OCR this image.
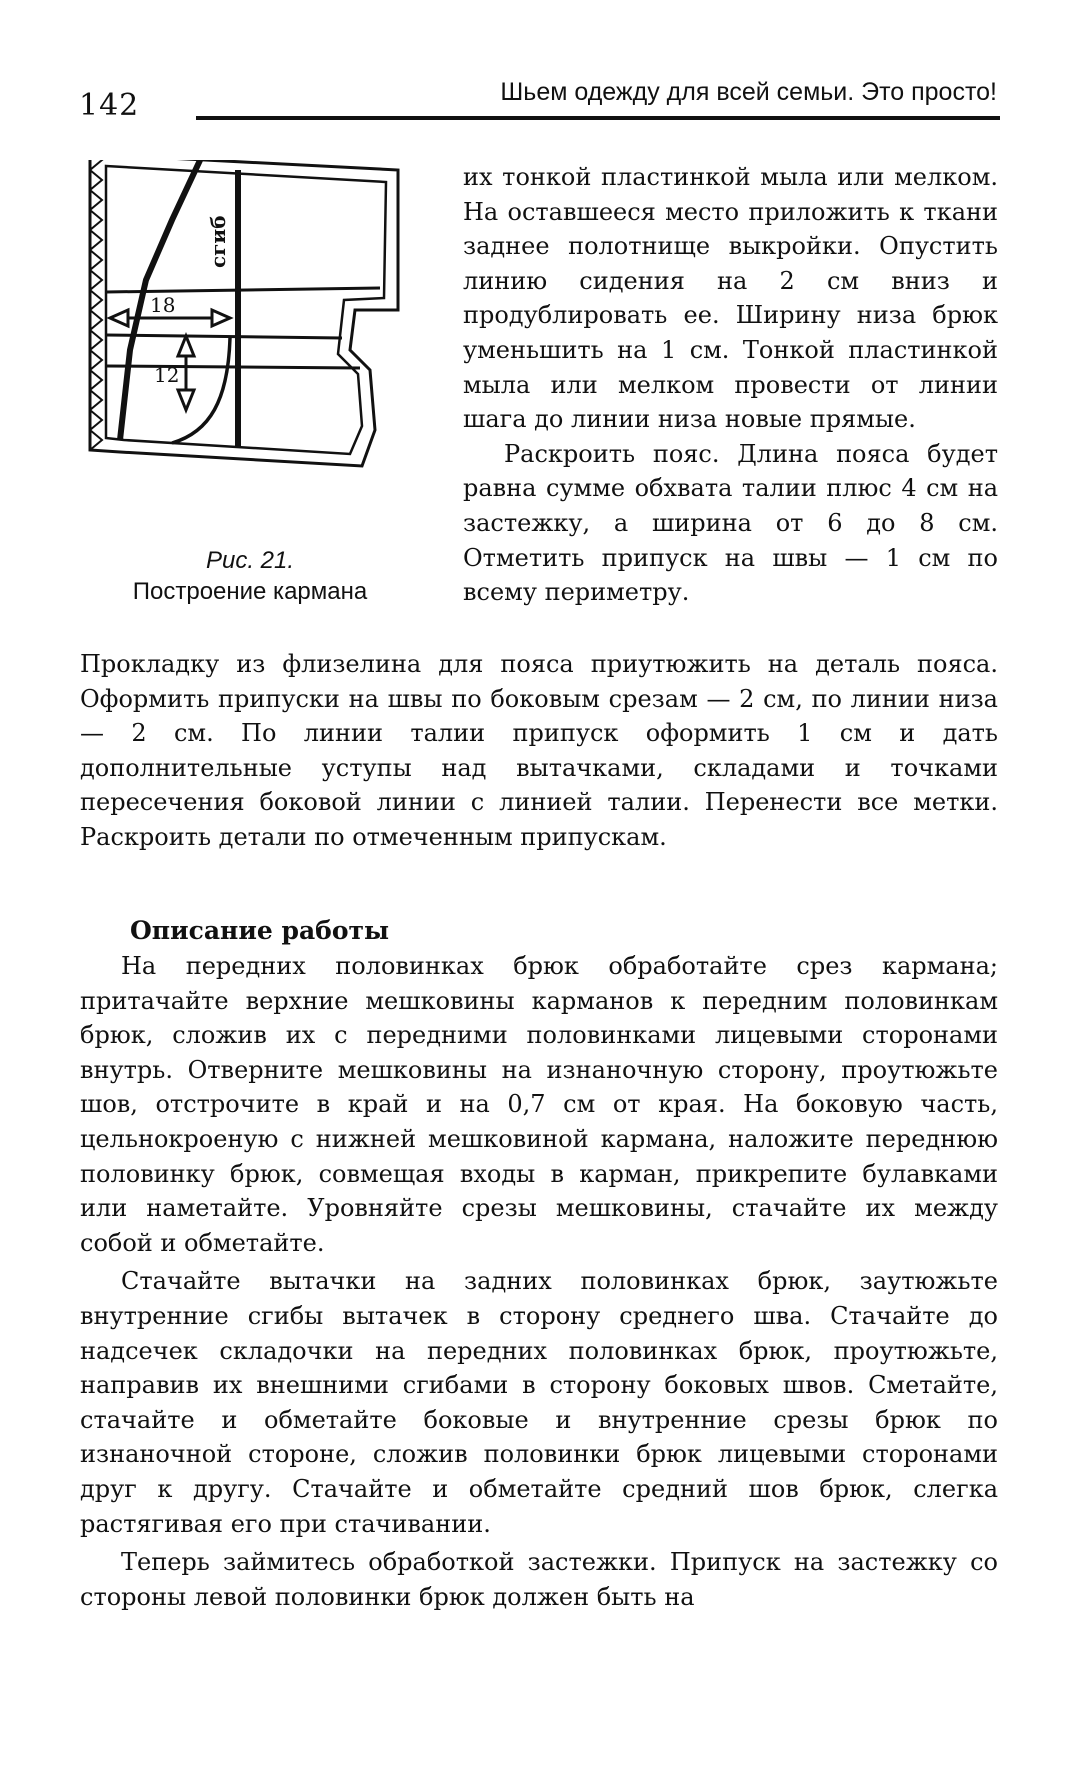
142	Шьем одежду для всей семьи. Это просто!
18
12
сгиб
Рис. 21.
Построение кармана

их тонкой пластинкой мыла или мелком. На оставшееся место приложить к ткани заднее полотнище выкройки. Опустить линию сидения на 2 см вниз и продублировать ее. Ширину низа брюк уменьшить на 1 см. Тонкой пластинкой мыла или мелком провести от линии шага до линии низа новые прямые.

Раскроить пояс. Длина пояса будет равна сумме обхвата талии плюс 4 см на застежку, а ширина от 6 до 8 см. Отметить припуск на швы — 1 см по всему периметру.

Прокладку из флизелина для пояса приутюжить на деталь пояса. Оформить припуски на швы по боковым срезам — 2 см, по линии низа — 2 см. По линии талии припуск оформить 1 см и дать дополнительные уступы над вытачками, складами и точками пересечения боковой линии с линией талии. Перенести все метки. Раскроить детали по отмеченным припускам.

Описание работы

На передних половинках брюк обработайте срез кармана; притачайте верхние мешковины карманов к передним половинкам брюк, сложив их с передними половинками лицевыми сторонами внутрь. Отверните мешковины на изнаночную сторону, проутюжьте шов, отстрочите в край и на 0,7 см от края. На боковую часть, цельнокроеную с нижней мешковиной кармана, наложите переднюю половинку брюк, совмещая входы в карман, прикрепите булавками или наметайте. Уровняйте срезы мешковины, стачайте их между собой и обметайте.

Стачайте вытачки на задних половинках брюк, заутюжьте внутренние сгибы вытачек в сторону среднего шва. Стачайте до надсечек складочки на передних половинках брюк, проутюжьте, направив их внешними сгибами в сторону боковых швов. Сметайте, стачайте и обметайте боковые и внутренние срезы брюк по изнаночной стороне, сложив половинки брюк лицевыми сторонами друг к другу. Стачайте и обметайте средний шов брюк, слегка растягивая его при стачивании.

Теперь займитесь обработкой застежки. Припуск на застежку со стороны левой половинки брюк должен быть на
